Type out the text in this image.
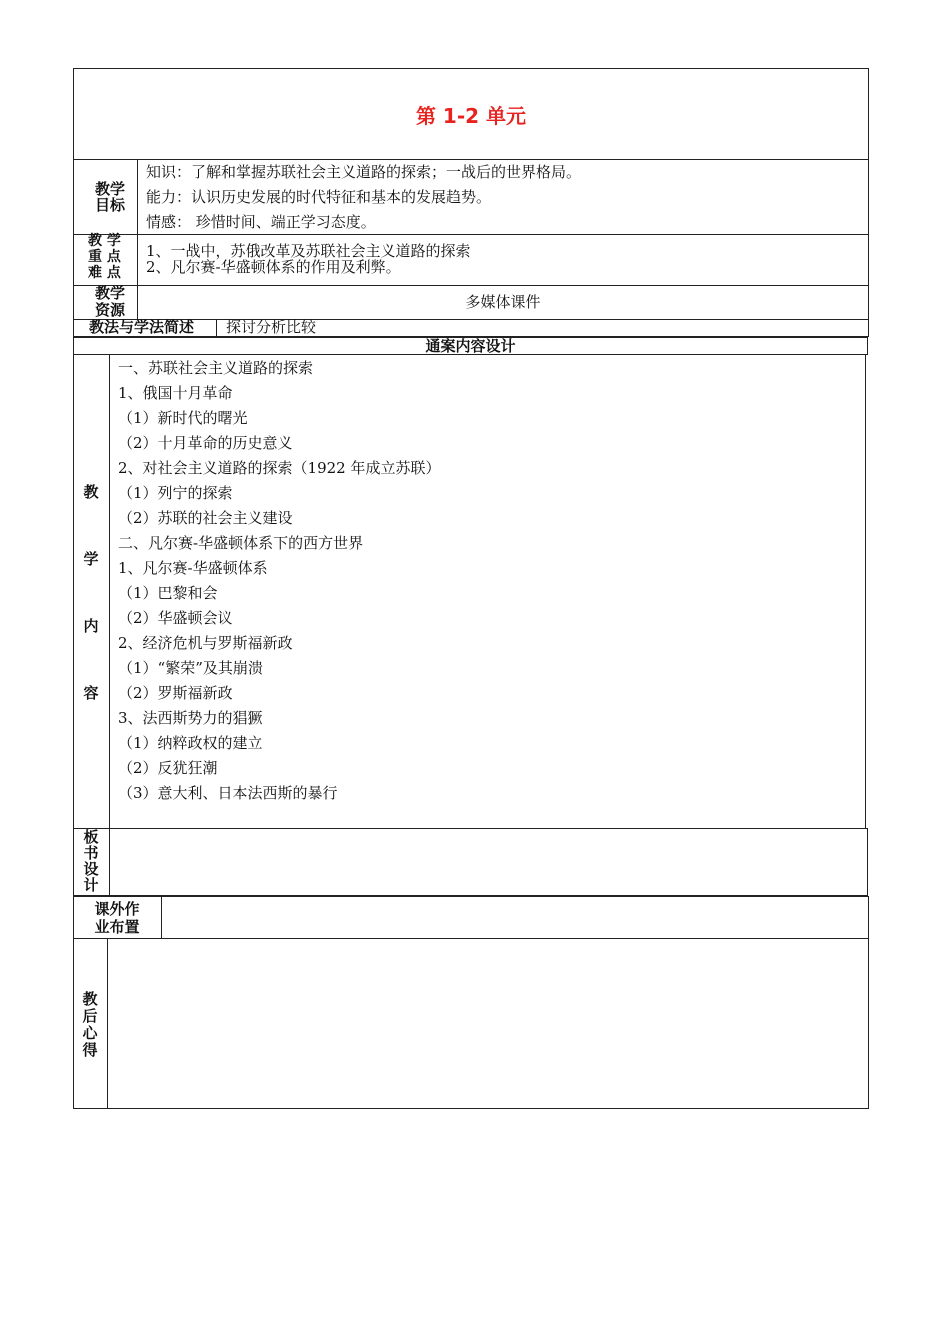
第 1-2 单元
教学
目标
知识：了解和掌握苏联社会主义道路的探索；一战后的世界格局。
能力：认识历史发展的时代特征和基本的发展趋势。
情感： 珍惜时间、端正学习态度。
教 学
重 点
难 点
1、一战中，苏俄改革及苏联社会主义道路的探索
2、凡尔赛-华盛顿体系的作用及利弊。
教学
资源	多媒体课件
教法与学法简述 探讨分析比较
通案内容设计
教
学
内
容
一、苏联社会主义道路的探索
1、俄国十月革命
（1）新时代的曙光
（2）十月革命的历史意义
2、对社会主义道路的探索（1922 年成立苏联）
（1）列宁的探索
（2）苏联的社会主义建设
二、凡尔赛-华盛顿体系下的西方世界
1、凡尔赛-华盛顿体系
（1）巴黎和会
（2）华盛顿会议
2、经济危机与罗斯福新政
（1）“繁荣”及其崩溃
（2）罗斯福新政
3、法西斯势力的猖獗
（1）纳粹政权的建立
（2）反犹狂潮
（3）意大利、日本法西斯的暴行
板
书
设
计
课外作
业布置
教
后
心
得
